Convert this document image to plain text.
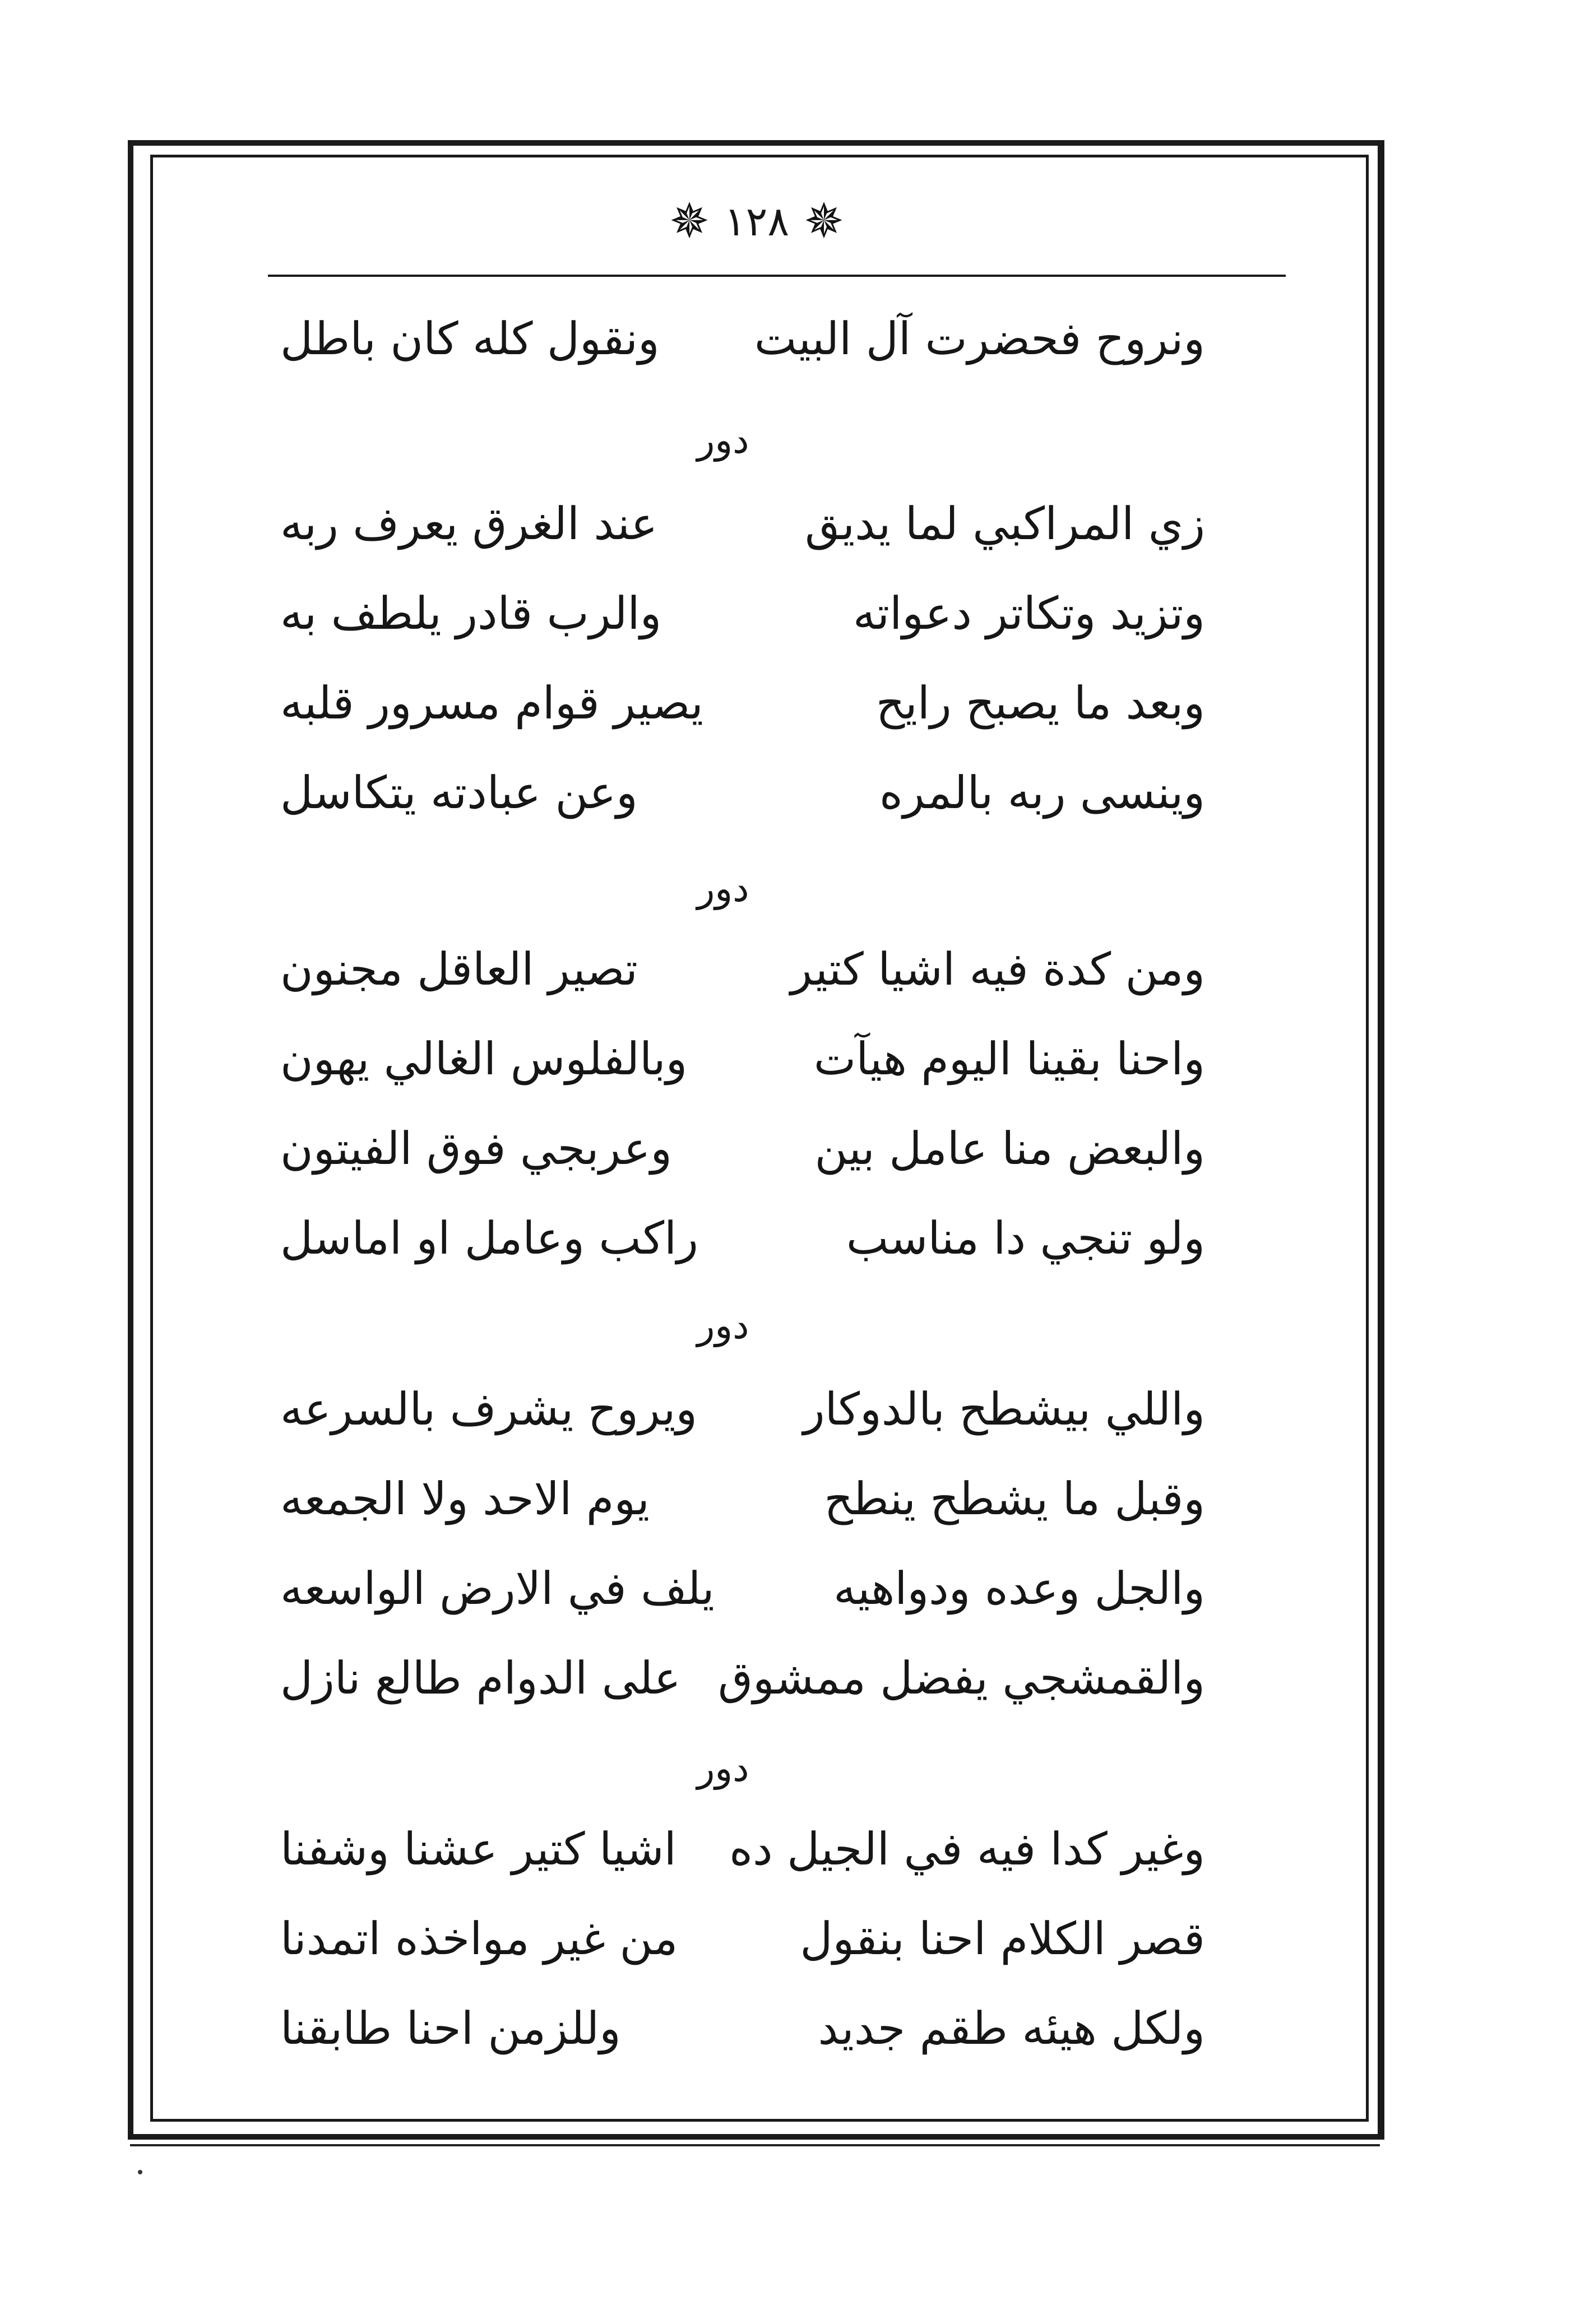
✵
١٢٨
✵
ونروح فحضرت آل البيت
ونقول كله كان باطل
دور
زي المراكبي لما يديق
عند الغرق يعرف ربه
وتزيد وتكاتر دعواته
والرب قادر يلطف به
وبعد ما يصبح رايح
يصير قوام مسرور قلبه
وينسى ربه بالمره
وعن عبادته يتكاسل
دور
ومن كدة فيه اشيا كتير
تصير العاقل مجنون
واحنا بقينا اليوم هيآت
وبالفلوس الغالي يهون
والبعض منا عامل بين
وعربجي فوق الفيتون
ولو تنجي دا مناسب
راكب وعامل او اماسل
دور
واللي بيشطح بالدوكار
ويروح يشرف بالسرعه
وقبل ما يشطح ينطح
يوم الاحد ولا الجمعه
والجل وعده ودواهيه
يلف في الارض الواسعه
والقمشجي يفضل ممشوق
على الدوام طالع نازل
دور
وغير كدا فيه في الجيل ده
اشيا كتير عشنا وشفنا
قصر الكلام احنا بنقول
من غير مواخذه اتمدنا
ولكل هيئه طقم جديد
وللزمن احنا طابقنا
